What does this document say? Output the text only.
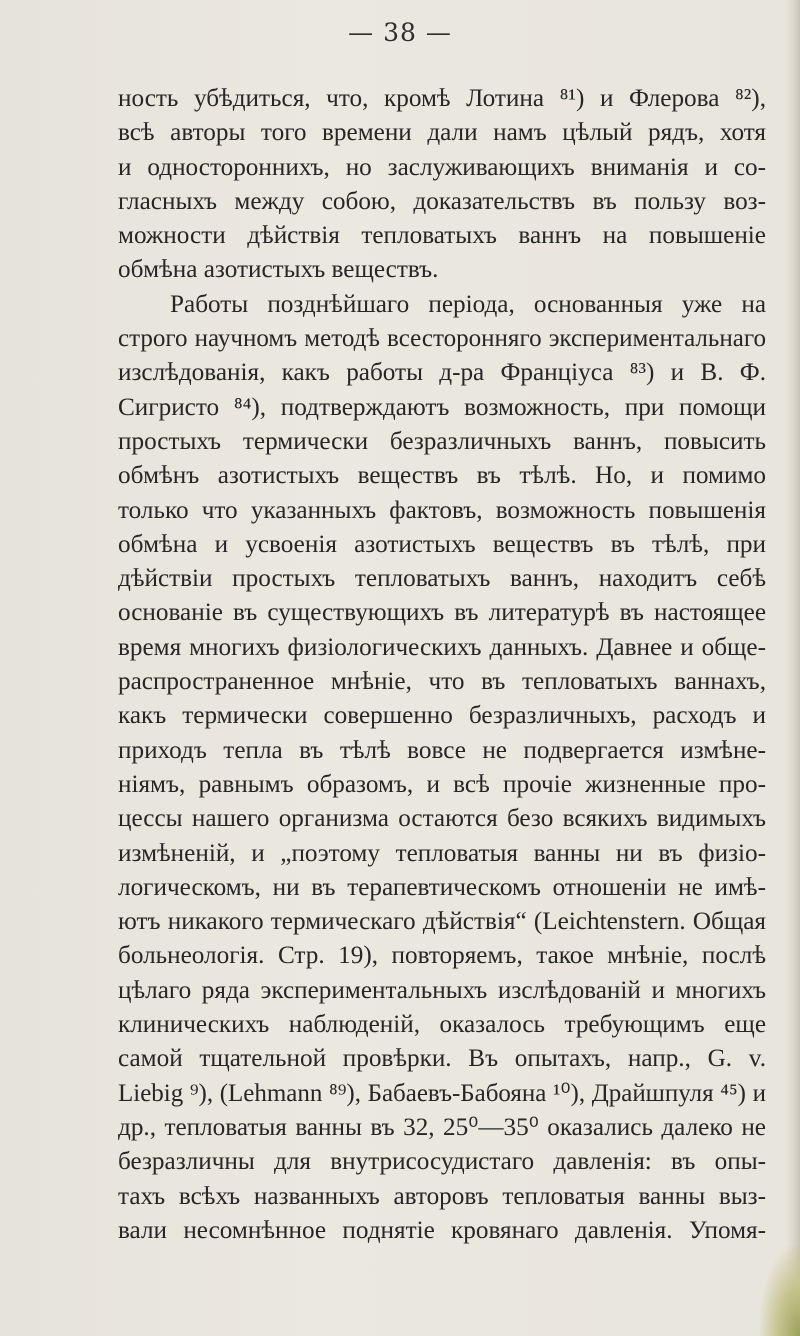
— 38 —
ность убѣдиться, что, кромѣ Лотина ⁸¹) и Флерова ⁸²),
всѣ авторы того времени дали намъ цѣлый рядъ, хотя
и одностороннихъ, но заслуживающихъ вниманія и со-
гласныхъ между собою, доказательствъ въ пользу воз-
можности дѣйствія тепловатыхъ ваннъ на повышеніе
обмѣна азотистыхъ веществъ.
Работы позднѣйшаго періода, основанныя уже на
строго научномъ методѣ всесторонняго экспериментальнаго
изслѣдованія, какъ работы д-ра Францiуса ⁸³) и В. Ф.
Сигристо ⁸⁴), подтверждаютъ возможность, при помощи
простыхъ термически безразличныхъ ваннъ, повысить
обмѣнъ азотистыхъ веществъ въ тѣлѣ. Но, и помимо
только что указанныхъ фактовъ, возможность повышенія
обмѣна и усвоенія азотистыхъ веществъ въ тѣлѣ, при
дѣйствіи простыхъ тепловатыхъ ваннъ, находитъ себѣ
основаніе въ существующихъ въ литературѣ въ настоящее
время многихъ физіологическихъ данныхъ. Давнее и обще-
распространенное мнѣніе, что въ тепловатыхъ ваннахъ,
какъ термически совершенно безразличныхъ, расходъ и
приходъ тепла въ тѣлѣ вовсе не подвергается измѣне-
ніямъ, равнымъ образомъ, и всѣ прочіе жизненные про-
цессы нашего организма остаются безо всякихъ видимыхъ
измѣненій, и „поэтому тепловатыя ванны ни въ физіо-
логическомъ, ни въ терапевтическомъ отношеніи не имѣ-
ютъ никакого термическаго дѣйствія“ (Leichtenstern. Общая
больнеологія. Стр. 19), повторяемъ, такое мнѣніе, послѣ
цѣлаго ряда экспериментальныхъ изслѣдованій и многихъ
клиническихъ наблюденій, оказалось требующимъ еще
самой тщательной провѣрки. Въ опытахъ, напр., G. v.
Liebig ⁹), (Lehmann ⁸⁹), Бабаевъ-Бабояна ¹⁰), Драйшпуля ⁴⁵) и
др., тепловатыя ванны въ 32, 25⁰—35⁰ оказались далеко не
безразличны для внутрисосудистаго давленія: въ опы-
тахъ всѣхъ названныхъ авторовъ тепловатыя ванны выз-
вали несомнѣнное поднятіе кровянаго давленія. Упомя-
